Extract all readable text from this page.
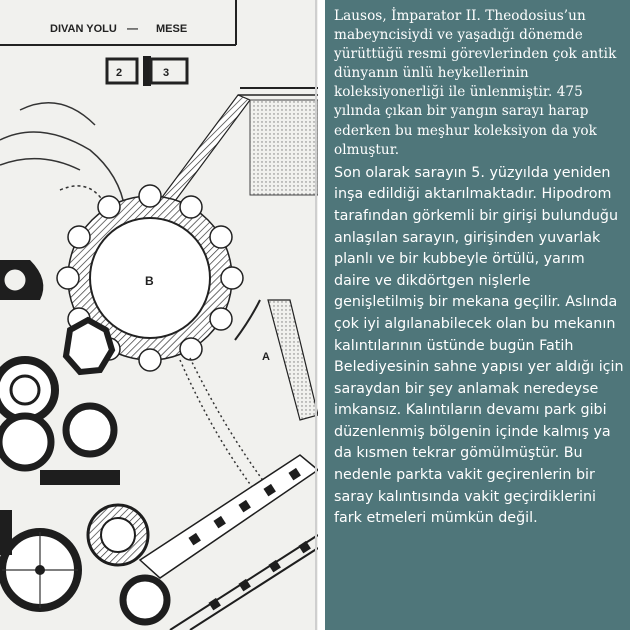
DIVAN YOLU — MESE
2	3
B
A

Lausos, İmparator II. Theodosius’un mabeyncisiydi ve yaşadığı dönemde yürüttüğü resmi görevlerinden çok antik dünyanın ünlü heykellerinin koleksiyonerliği ile ünlenmiştir. 475 yılında çıkan bir yangın sarayı harap ederken bu meşhur koleksiyon da yok olmuştur.

Son olarak sarayın 5. yüzyılda yeniden inşa edildiği aktarılmaktadır. Hipodrom tarafından görkemli bir girişi bulunduğu anlaşılan sarayın, girişinden yuvarlak planlı ve bir kubbeyle örtülü, yarım daire ve dikdörtgen nişlerle genişletilmiş bir mekana geçilir. Aslında çok iyi algılanabilecek olan bu mekanın kalıntılarının üstünde bugün Fatih Belediyesinin sahne yapısı yer aldığı için saraydan bir şey anlamak neredeyse imkansız. Kalıntıların devamı park gibi düzenlenmiş bölgenin içinde kalmış ya da kısmen tekrar gömülmüştür. Bu nedenle parkta vakit geçirenlerin bir saray kalıntısında vakit geçirdiklerini fark etmeleri mümkün değil.
